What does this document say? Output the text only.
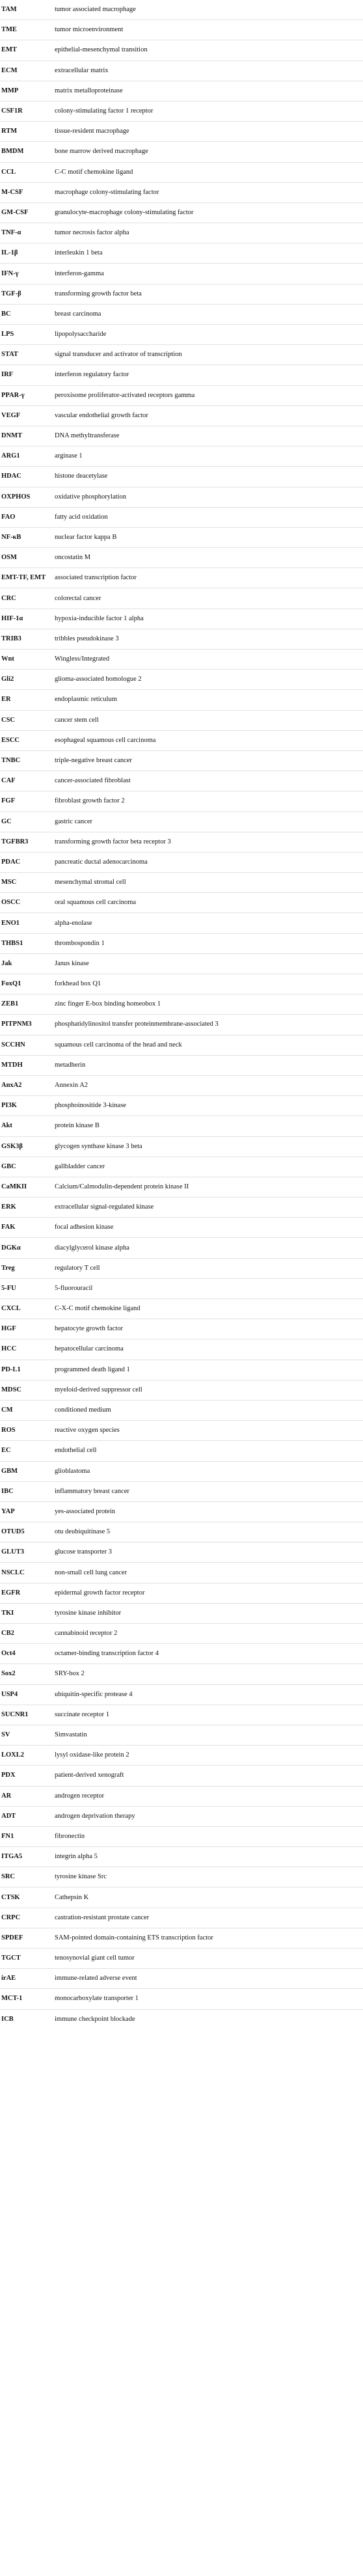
TAM	tumor associated macrophage
TME	tumor microenvironment
EMT	epithelial-mesenchymal transition
ECM	extracellular matrix
MMP	matrix metalloproteinase
CSF1R	colony-stimulating factor 1 receptor
RTM	tissue-resident macrophage
BMDM	bone marrow derived macrophage
CCL	C-C motif chemokine ligand
M-CSF	macrophage colony-stimulating factor
GM-CSF	granulocyte-macrophage colony-stimulating factor
TNF-α	tumor necrosis factor alpha
IL-1β	interleukin 1 beta
IFN-γ	interferon-gamma
TGF-β	transforming growth factor beta
BC	breast carcinoma
LPS	lipopolysaccharide
STAT	signal transducer and activator of transcription
IRF	interferon regulatory factor
PPAR-γ	peroxisome proliferator-activated receptors gamma
VEGF	vascular endothelial growth factor
DNMT	DNA methyltransferase
ARG1	arginase 1
HDAC	histone deacetylase
OXPHOS	oxidative phosphorylation
FAO	fatty acid oxidation
NF-κB	nuclear factor kappa B
OSM	oncostatin M
EMT-TF, EMT	associated transcription factor
CRC	colorectal cancer
HIF-1α	hypoxia-inducible factor 1 alpha
TRIB3	tribbles pseudokinase 3
Wnt	Wingless/Integrated
Gli2	glioma-associated homologue 2
ER	endoplasmic reticulum
CSC	cancer stem cell
ESCC	esophageal squamous cell carcinoma
TNBC	triple-negative breast cancer
CAF	cancer-associated fibroblast
FGF	fibroblast growth factor 2
GC	gastric cancer
TGFBR3	transforming growth factor beta receptor 3
PDAC	pancreatic ductal adenocarcinoma
MSC	mesenchymal stromal cell
OSCC	oral squamous cell carcinoma
ENO1	alpha-enolase
THBS1	thrombospondin 1
Jak	Janus kinase
FoxQ1	forkhead box Q1
ZEB1	zinc finger E-box binding homeobox 1
PITPNM3	phosphatidylinositol transfer proteinmembrane-associated 3
SCCHN	squamous cell carcinoma of the head and neck
MTDH	metadherin
AnxA2	Annexin A2
PI3K	phosphoinositide 3-kinase
Akt	protein kinase B
GSK3β	glycogen synthase kinase 3 beta
GBC	gallbladder cancer
CaMKII	Calcium/Calmodulin-dependent protein kinase II
ERK	extracellular signal-regulated kinase
FAK	focal adhesion kinase
DGKα	diacylglycerol kinase alpha
Treg	regulatory T cell
5-FU	5-fluorouracil
CXCL	C-X-C motif chemokine ligand
HGF	hepatocyte growth factor
HCC	hepatocellular carcinoma
PD-L1	programmed death ligand 1
MDSC	myeloid-derived suppressor cell
CM	conditioned medium
ROS	reactive oxygen species
EC	endothelial cell
GBM	glioblastoma
IBC	inflammatory breast cancer
YAP	yes-associated protein
OTUD5	otu deubiquitinase 5
GLUT3	glucose transporter 3
NSCLC	non-small cell lung cancer
EGFR	epidermal growth factor receptor
TKI	tyrosine kinase inhibitor
CB2	cannabinoid receptor 2
Oct4	octamer-binding transcription factor 4
Sox2	SRY-box 2
USP4	ubiquitin-specific protease 4
SUCNR1	succinate receptor 1
SV	Simvastatin
LOXL2	lysyl oxidase-like protein 2
PDX	patient-derived xenograft
AR	androgen receptor
ADT	androgen deprivation therapy
FN1	fibronectin
ITGA5	integrin alpha 5
SRC	tyrosine kinase Src
CTSK	Cathepsin K
CRPC	castration-resistant prostate cancer
SPDEF	SAM-pointed domain-containing ETS transcription factor
TGCT	tenosynovial giant cell tumor
irAE	immune-related adverse event
MCT-1	monocarboxylate transporter 1
ICB	immune checkpoint blockade
